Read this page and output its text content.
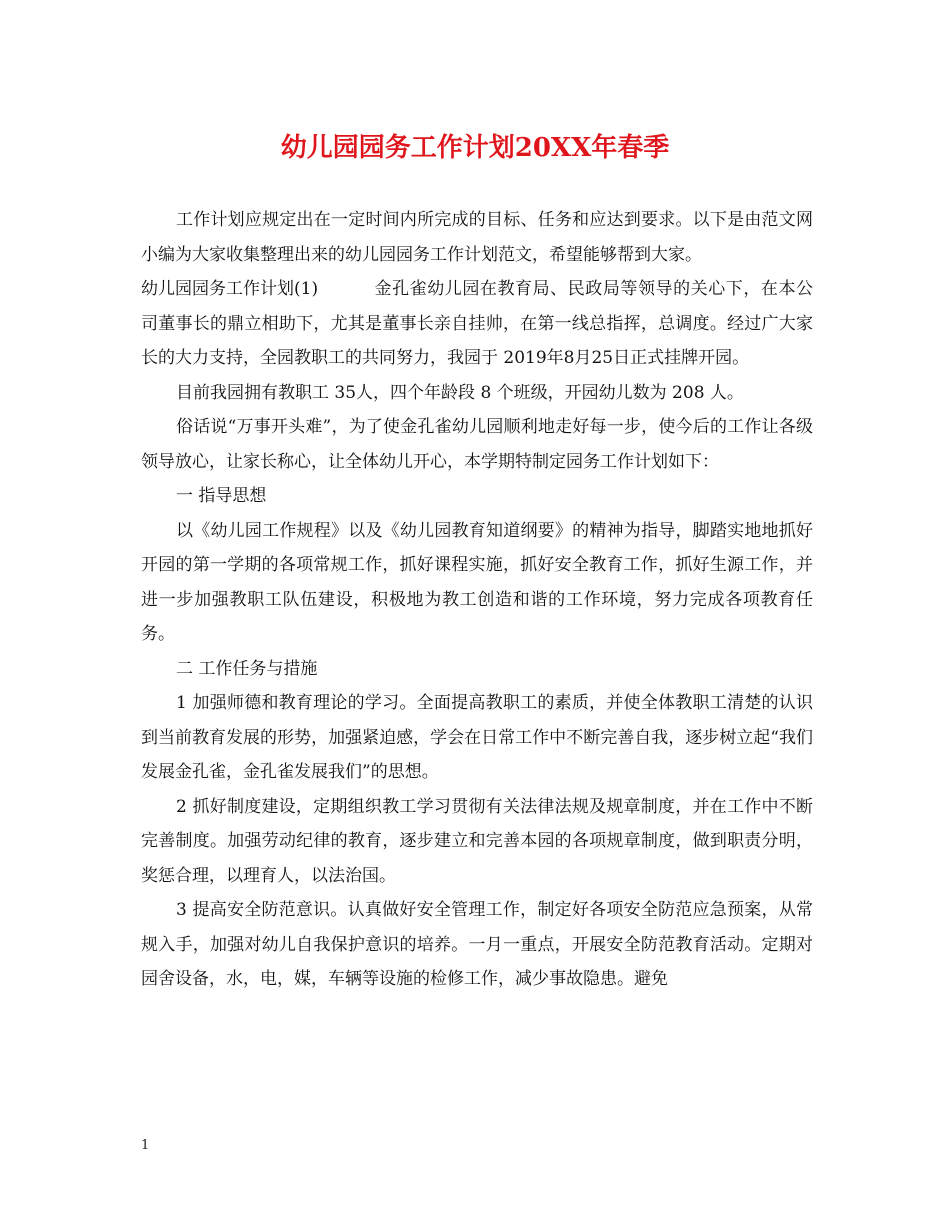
幼儿园园务工作计划20XX年春季

工作计划应规定出在一定时间内所完成的目标、任务和应达到要求。以下是由范文网小编为大家收集整理出来的幼儿园园务工作计划范文，希望能够帮到大家。

幼儿园园务工作计划(1)	金孔雀幼儿园在教育局、民政局等领导的关心下，在本公司董事长的鼎立相助下，尤其是董事长亲自挂帅，在第一线总指挥，总调度。经过广大家长的大力支持，全园教职工的共同努力，我园于 2019年8月25日正式挂牌开园。

目前我园拥有教职工 35人，四个年龄段 8 个班级，开园幼儿数为 208 人。

俗话说“万事开头难”，为了使金孔雀幼儿园顺利地走好每一步，使今后的工作让各级领导放心，让家长称心，让全体幼儿开心，本学期特制定园务工作计划如下：

一 指导思想

以《幼儿园工作规程》以及《幼儿园教育知道纲要》的精神为指导，脚踏实地地抓好开园的第一学期的各项常规工作，抓好课程实施，抓好安全教育工作，抓好生源工作，并进一步加强教职工队伍建设，积极地为教工创造和谐的工作环境，努力完成各项教育任务。

二 工作任务与措施

1 加强师德和教育理论的学习。全面提高教职工的素质，并使全体教职工清楚的认识到当前教育发展的形势，加强紧迫感，学会在日常工作中不断完善自我，逐步树立起“我们发展金孔雀，金孔雀发展我们”的思想。

2 抓好制度建设，定期组织教工学习贯彻有关法律法规及规章制度，并在工作中不断完善制度。加强劳动纪律的教育，逐步建立和完善本园的各项规章制度，做到职责分明，奖惩合理，以理育人，以法治国。

3 提高安全防范意识。认真做好安全管理工作，制定好各项安全防范应急预案，从常规入手，加强对幼儿自我保护意识的培养。一月一重点，开展安全防范教育活动。定期对园舍设备，水，电，媒，车辆等设施的检修工作，减少事故隐患。避免

1
